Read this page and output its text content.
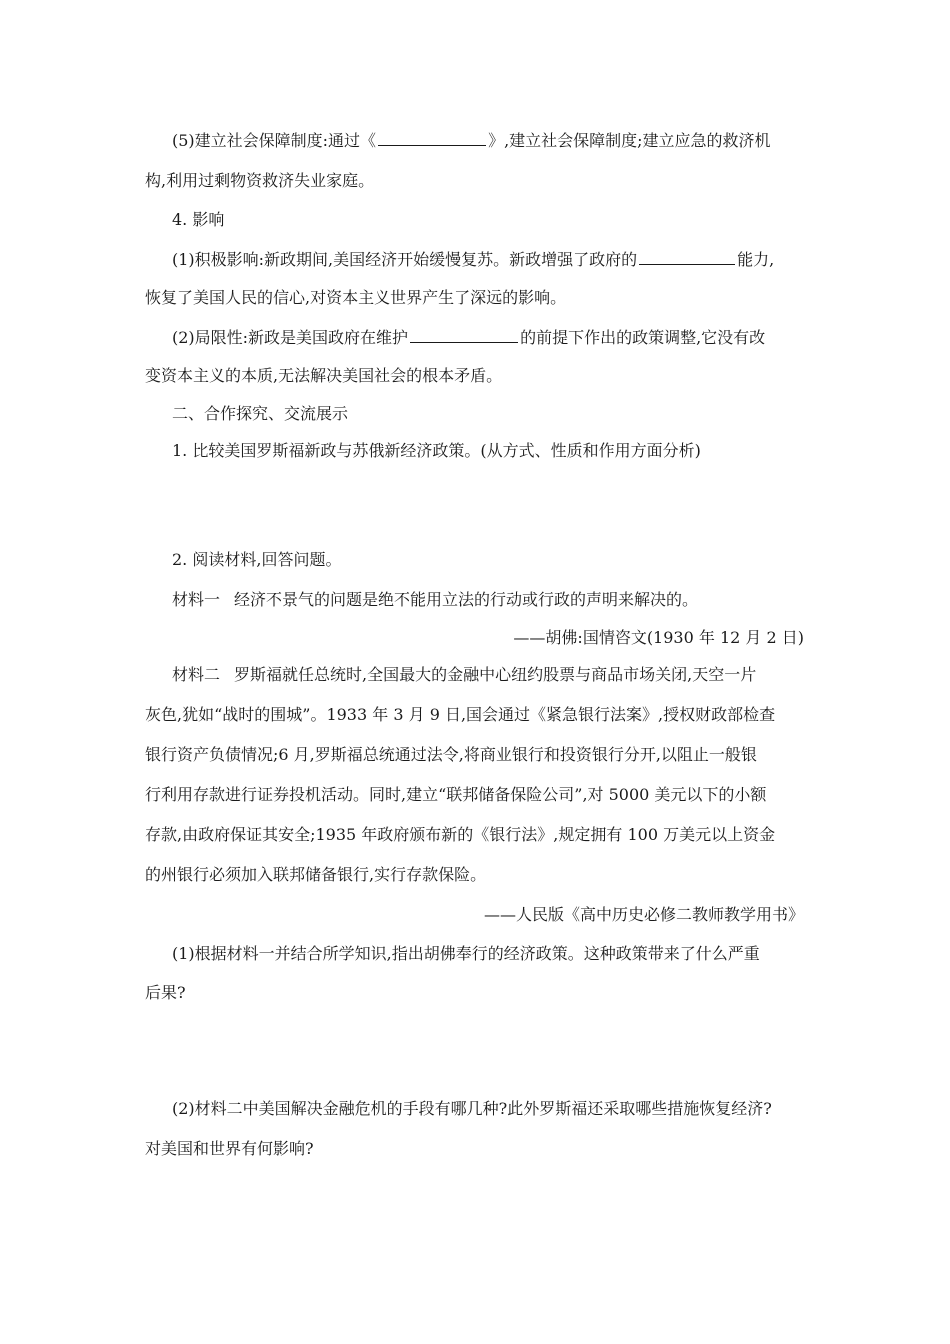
(5)建立社会保障制度:通过《	》,建立社会保障制度;建立应急的救济机
构,利用过剩物资救济失业家庭。
4. 影响
(1)积极影响:新政期间,美国经济开始缓慢复苏。新政增强了政府的	能力,
恢复了美国人民的信心,对资本主义世界产生了深远的影响。
(2)局限性:新政是美国政府在维护	的前提下作出的政策调整,它没有改
变资本主义的本质,无法解决美国社会的根本矛盾。
二、合作探究、交流展示
1. 比较美国罗斯福新政与苏俄新经济政策。(从方式、性质和作用方面分析)
2. 阅读材料,回答问题。
材料一 经济不景气的问题是绝不能用立法的行动或行政的声明来解决的。
——胡佛:国情咨文(1930 年 12 月 2 日)
材料二 罗斯福就任总统时,全国最大的金融中心纽约股票与商品市场关闭,天空一片
灰色,犹如“战时的围城”。1933 年 3 月 9 日,国会通过《紧急银行法案》,授权财政部检查
银行资产负债情况;6 月,罗斯福总统通过法令,将商业银行和投资银行分开,以阻止一般银
行利用存款进行证券投机活动。同时,建立“联邦储备保险公司”,对 5000 美元以下的小额
存款,由政府保证其安全;1935 年政府颁布新的《银行法》,规定拥有 100 万美元以上资金
的州银行必须加入联邦储备银行,实行存款保险。
——人民版《高中历史必修二教师教学用书》
(1)根据材料一并结合所学知识,指出胡佛奉行的经济政策。这种政策带来了什么严重
后果?
(2)材料二中美国解决金融危机的手段有哪几种?此外罗斯福还采取哪些措施恢复经济?
对美国和世界有何影响?
